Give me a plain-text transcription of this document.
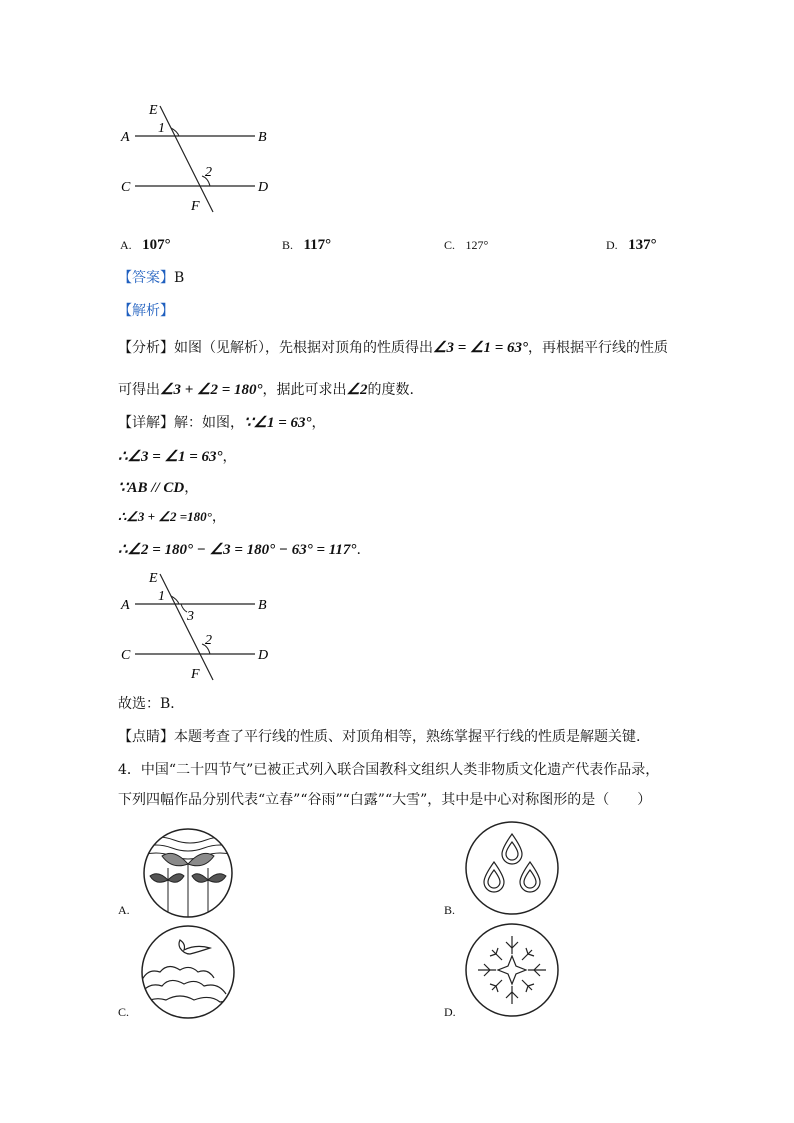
E
A	B
C	D
F
1
2
A. 107°	B. 117°	C. 127°	D. 137°
【答案】B
【解析】
【分析】如图（见解析），先根据对顶角的性质得出∠3 = ∠1 = 63°，再根据平行线的性质
可得出∠3 + ∠2 = 180°，据此可求出∠2的度数.
【详解】解：如图，∵∠1 = 63°，
∴∠3 = ∠1 = 63°，
∵AB // CD，
∴∠3 + ∠2 =180°，
∴∠2 = 180° − ∠3 = 180° − 63° = 117°.
E
A	B
C	D
F
1
3
2
故选：B．
【点睛】本题考查了平行线的性质、对顶角相等，熟练掌握平行线的性质是解题关键.
4．中国“二十四节气”已被正式列入联合国教科文组织人类非物质文化遗产代表作品录，
下列四幅作品分别代表“立春”“谷雨”“白露”“大雪”，其中是中心对称图形的是（　　）
A.	B.
C.	D.
